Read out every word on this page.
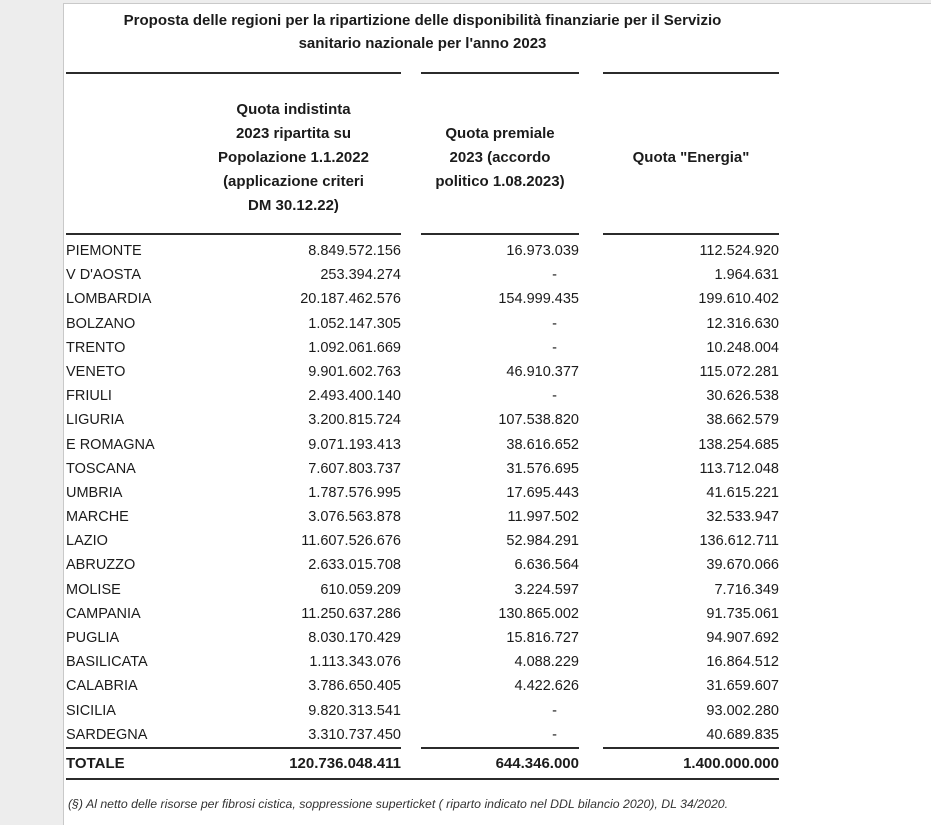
Proposta delle regioni per la ripartizione delle disponibilità finanziarie per il Servizio
sanitario nazionale per l'anno 2023
Quota indistinta
2023 ripartita su
Popolazione 1.1.2022
(applicazione criteri
DM 30.12.22)
Quota premiale
2023 (accordo
politico 1.08.2023)
Quota "Energia"
PIEMONTE	8.849.572.156	16.973.039	112.524.920
V D'AOSTA	253.394.274	-	1.964.631
LOMBARDIA	20.187.462.576	154.999.435	199.610.402
BOLZANO	1.052.147.305	-	12.316.630
TRENTO	1.092.061.669	-	10.248.004
VENETO	9.901.602.763	46.910.377	115.072.281
FRIULI	2.493.400.140	-	30.626.538
LIGURIA	3.200.815.724	107.538.820	38.662.579
E ROMAGNA	9.071.193.413	38.616.652	138.254.685
TOSCANA	7.607.803.737	31.576.695	113.712.048
UMBRIA	1.787.576.995	17.695.443	41.615.221
MARCHE	3.076.563.878	11.997.502	32.533.947
LAZIO	11.607.526.676	52.984.291	136.612.711
ABRUZZO	2.633.015.708	6.636.564	39.670.066
MOLISE	610.059.209	3.224.597	7.716.349
CAMPANIA	11.250.637.286	130.865.002	91.735.061
PUGLIA	8.030.170.429	15.816.727	94.907.692
BASILICATA	1.113.343.076	4.088.229	16.864.512
CALABRIA	3.786.650.405	4.422.626	31.659.607
SICILIA	9.820.313.541	-	93.002.280
SARDEGNA	3.310.737.450	-	40.689.835
TOTALE	120.736.048.411	644.346.000	1.400.000.000
(§) Al netto delle risorse per fibrosi cistica, soppressione superticket ( riparto indicato nel DDL bilancio 2020), DL 34/2020.
